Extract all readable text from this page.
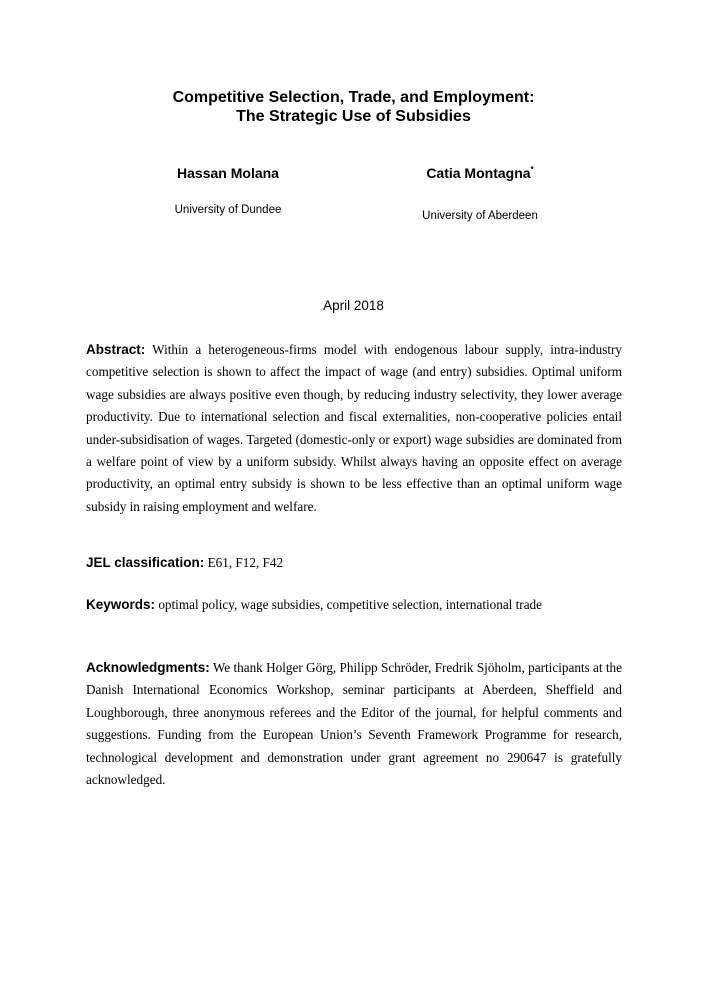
Competitive Selection, Trade, and Employment:
The Strategic Use of Subsidies
Hassan Molana
University of Dundee
Catia Montagna*
University of Aberdeen
April 2018
Abstract: Within a heterogeneous-firms model with endogenous labour supply, intra-industry competitive selection is shown to affect the impact of wage (and entry) subsidies. Optimal uniform wage subsidies are always positive even though, by reducing industry selectivity, they lower average productivity. Due to international selection and fiscal externalities, non-cooperative policies entail under-subsidisation of wages. Targeted (domestic-only or export) wage subsidies are dominated from a welfare point of view by a uniform subsidy. Whilst always having an opposite effect on average productivity, an optimal entry subsidy is shown to be less effective than an optimal uniform wage subsidy in raising employment and welfare.
JEL classification: E61, F12, F42
Keywords: optimal policy, wage subsidies, competitive selection, international trade
Acknowledgments: We thank Holger Görg, Philipp Schröder, Fredrik Sjöholm, participants at the Danish International Economics Workshop, seminar participants at Aberdeen, Sheffield and Loughborough, three anonymous referees and the Editor of the journal, for helpful comments and suggestions. Funding from the European Union’s Seventh Framework Programme for research, technological development and demonstration under grant agreement no 290647 is gratefully acknowledged.
